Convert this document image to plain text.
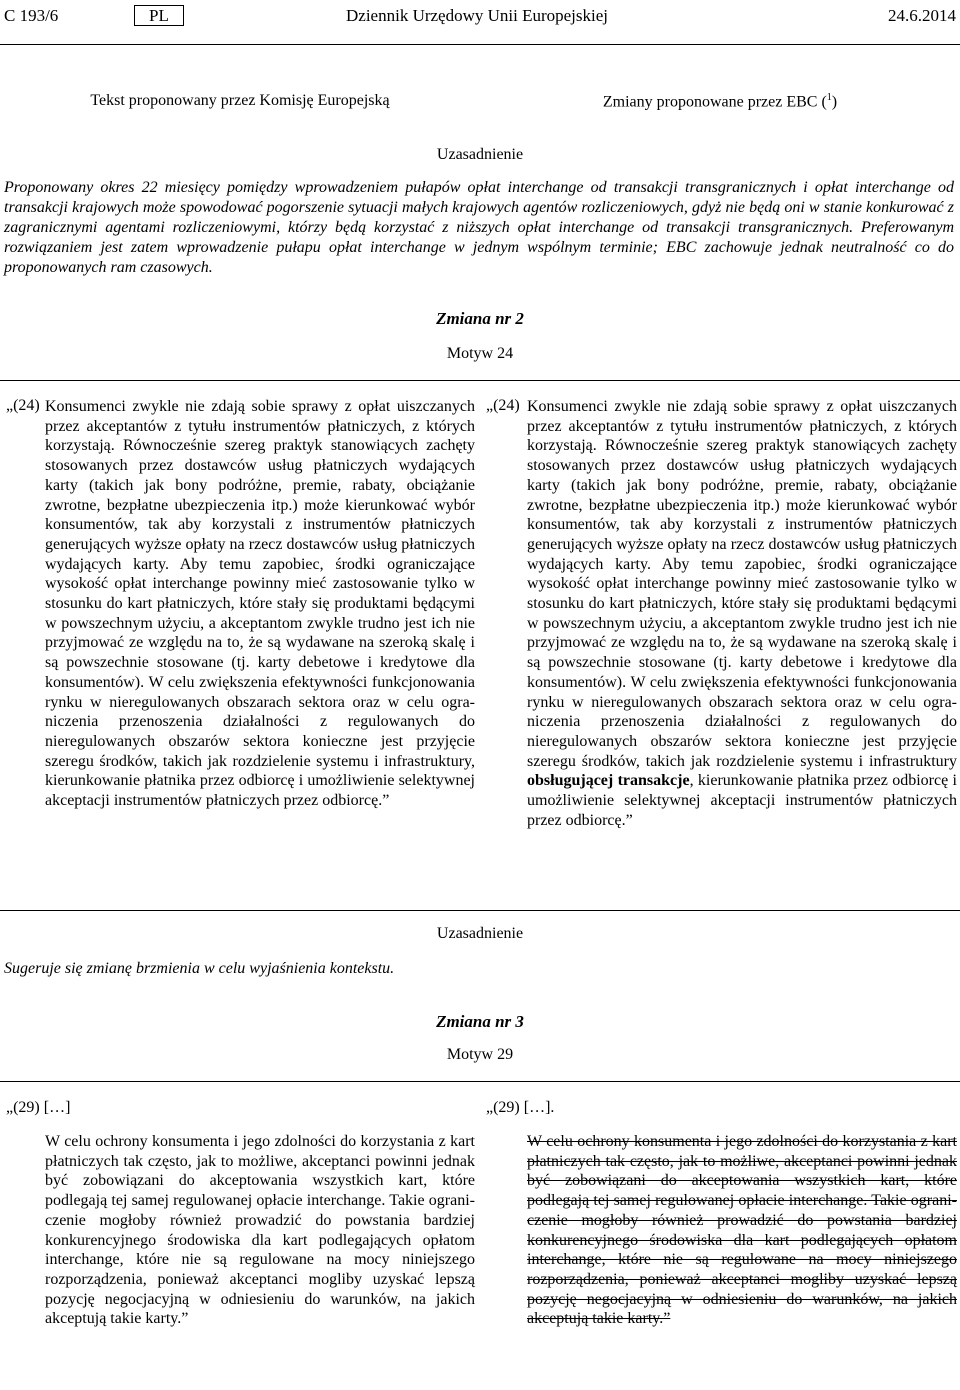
C 193/6	PL	Dziennik Urzędowy Unii Europejskiej	24.6.2014
Tekst proponowany przez Komisję Europejską	Zmiany proponowane przez EBC ($^1$)
Uzasadnienie
Proponowany okres 22 miesięcy pomiędzy wprowadzeniem pułapów opłat interchange od transakcji transgranicznych i opłat interchange od transakcji krajowych może spowodować pogorszenie sytuacji małych krajowych agentów rozliczeniowych, gdyż nie będą oni w stanie konkurować z zagranicznymi agentami rozliczeniowymi, którzy będą korzystać z niższych opłat interchange od transakcji transgranicznych. Preferowanym rozwiązaniem jest zatem wprowadzenie pułapu opłat interchange w jednym wspólnym terminie; EBC zachowuje jednak neutralność co do proponowanych ram czasowych.
Zmiana nr 2
Motyw 24
„(24) Konsumenci zwykle nie zdają sobie sprawy z opłat uiszczanych przez akceptantów z tytułu instrumentów płatniczych, z których korzystają. Równocześnie szereg praktyk stanowiących zachęty stosowanych przez dostawców usług płatniczych wydających karty (takich jak bony podróżne, premie, rabaty, obciążanie zwrotne, bezpłatne ubezpieczenia itp.) może kierunkować wybór konsumentów, tak aby korzystali z instrumentów płatniczych generujących wyższe opłaty na rzecz dostawców usług płatniczych wydających karty. Aby temu zapobiec, środki ograniczające wysokość opłat interchange powinny mieć zastosowanie tylko w stosunku do kart płatniczych, które stały się produktami będącymi w powszechnym użyciu, a akceptantom zwykle trudno jest ich nie przyjmować ze względu na to, że są wydawane na szeroką skalę i są powszechnie stosowane (tj. karty debetowe i kredytowe dla konsumentów). W celu zwiększenia efektywności funkcjonowania rynku w nieregulowanych obszarach sektora oraz w celu ograniczenia przenoszenia działalności z regulowanych do nieregulowanych obszarów sektora konieczne jest przyjęcie szeregu środków, takich jak rozdzielenie systemu i infrastruktury, kierunkowanie płatnika przez odbiorcę i umożliwienie selektywnej akceptacji instrumentów płatniczych przez odbiorcę.”
„(24) Konsumenci zwykle nie zdają sobie sprawy z opłat uiszczanych przez akceptantów z tytułu instrumentów płatniczych, z których korzystają. Równocześnie szereg praktyk stanowiących zachęty stosowanych przez dostawców usług płatniczych wydających karty (takich jak bony podróżne, premie, rabaty, obciążanie zwrotne, bezpłatne ubezpieczenia itp.) może kierunkować wybór konsumentów, tak aby korzystali z instrumentów płatniczych generujących wyższe opłaty na rzecz dostawców usług płatniczych wydających karty. Aby temu zapobiec, środki ograniczające wysokość opłat interchange powinny mieć zastosowanie tylko w stosunku do kart płatniczych, które stały się produktami będącymi w powszechnym użyciu, a akceptantom zwykle trudno jest ich nie przyjmować ze względu na to, że są wydawane na szeroką skalę i są powszechnie stosowane (tj. karty debetowe i kredytowe dla konsumentów). W celu zwiększenia efektywności funkcjonowania rynku w nieregulowanych obszarach sektora oraz w celu ograniczenia przenoszenia działalności z regulowanych do nieregulowanych obszarów sektora konieczne jest przyjęcie szeregu środków, takich jak rozdzielenie systemu i infrastruktury obsługującej transakcje, kierunkowanie płatnika przez odbiorcę i umożliwienie selektywnej akceptacji instrumentów płatniczych przez odbiorcę.”
Uzasadnienie
Sugeruje się zmianę brzmienia w celu wyjaśnienia kontekstu.
Zmiana nr 3
Motyw 29
„(29) […]
W celu ochrony konsumenta i jego zdolności do korzystania z kart płatniczych tak często, jak to możliwe, akceptanci powinni jednak być zobowiązani do akceptowania wszystkich kart, które podlegają tej samej regulowanej opłacie interchange. Takie ograniczenie mogłoby również prowadzić do powstania bardziej konkurencyjnego środowiska dla kart podlegających opłatom interchange, które nie są regulowane na mocy niniejszego rozporządzenia, ponieważ akceptanci mogliby uzyskać lepszą pozycję negocjacyjną w odniesieniu do warunków, na jakich akceptują takie karty.”
„(29) […].
W celu ochrony konsumenta i jego zdolności do korzystania z kart płatniczych tak często, jak to możliwe, akceptanci powinni jednak być zobowiązani do akceptowania wszystkich kart, które podlegają tej samej regulowanej opłacie interchange. Takie ograniczenie mogłoby również prowadzić do powstania bardziej konkurencyjnego środowiska dla kart podlegających opłatom interchange, które nie są regulowane na mocy niniejszego rozporządzenia, ponieważ akceptanci mogliby uzyskać lepszą pozycję negocjacyjną w odniesieniu do warunków, na jakich akceptują takie karty.”
